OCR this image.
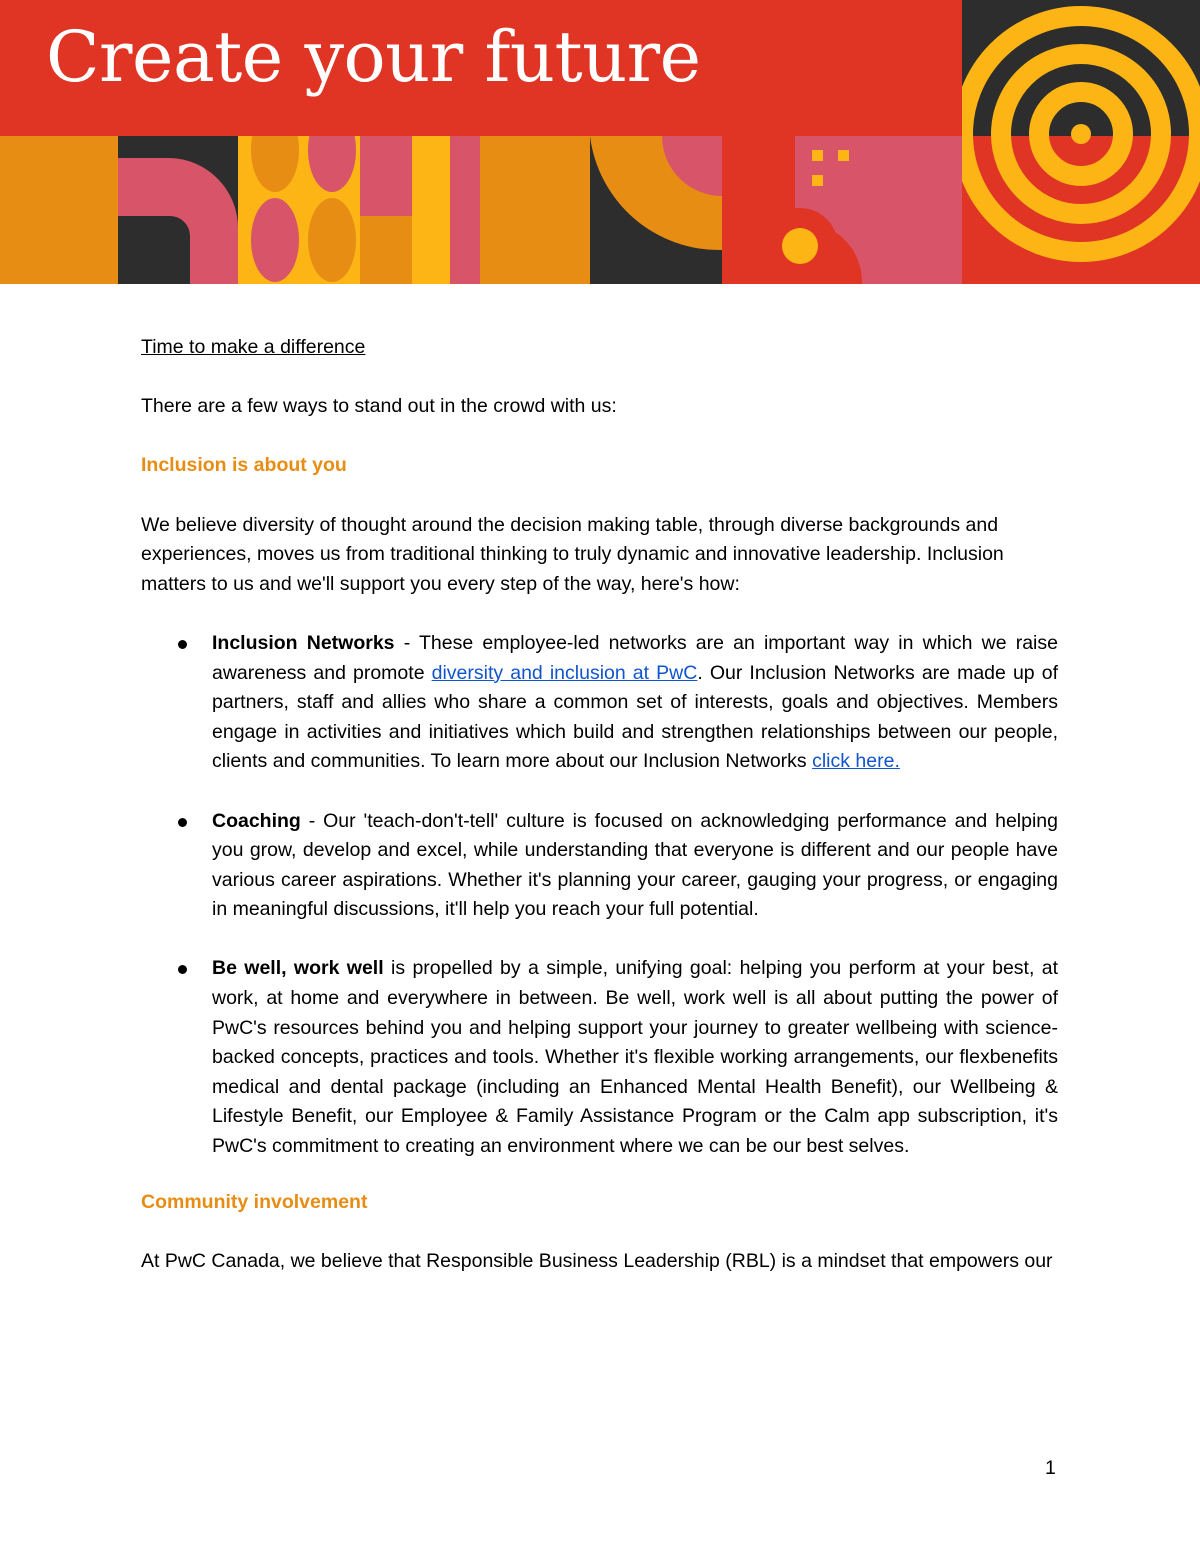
Create your future

Time to make a difference

There are a few ways to stand out in the crowd with us:

Inclusion is about you

We believe diversity of thought around the decision making table, through diverse backgrounds and experiences, moves us from traditional thinking to truly dynamic and innovative leadership. Inclusion matters to us and we'll support you every step of the way, here's how:

Inclusion Networks - These employee-led networks are an important way in which we raise awareness and promote diversity and inclusion at PwC. Our Inclusion Networks are made up of partners, staff and allies who share a common set of interests, goals and objectives. Members engage in activities and initiatives which build and strengthen relationships between our people, clients and communities. To learn more about our Inclusion Networks click here.
Coaching - Our 'teach-don't-tell' culture is focused on acknowledging performance and helping you grow, develop and excel, while understanding that everyone is different and our people have various career aspirations. Whether it's planning your career, gauging your progress, or engaging in meaningful discussions, it'll help you reach your full potential.
Be well, work well is propelled by a simple, unifying goal: helping you perform at your best, at work, at home and everywhere in between. Be well, work well is all about putting the power of PwC's resources behind you and helping support your journey to greater wellbeing with science-backed concepts, practices and tools. Whether it's flexible working arrangements, our flexbenefits medical and dental package (including an Enhanced Mental Health Benefit), our Wellbeing & Lifestyle Benefit, our Employee & Family Assistance Program or the Calm app subscription, it's PwC's commitment to creating an environment where we can be our best selves.

Community involvement

At PwC Canada, we believe that Responsible Business Leadership (RBL) is a mindset that empowers our

1
